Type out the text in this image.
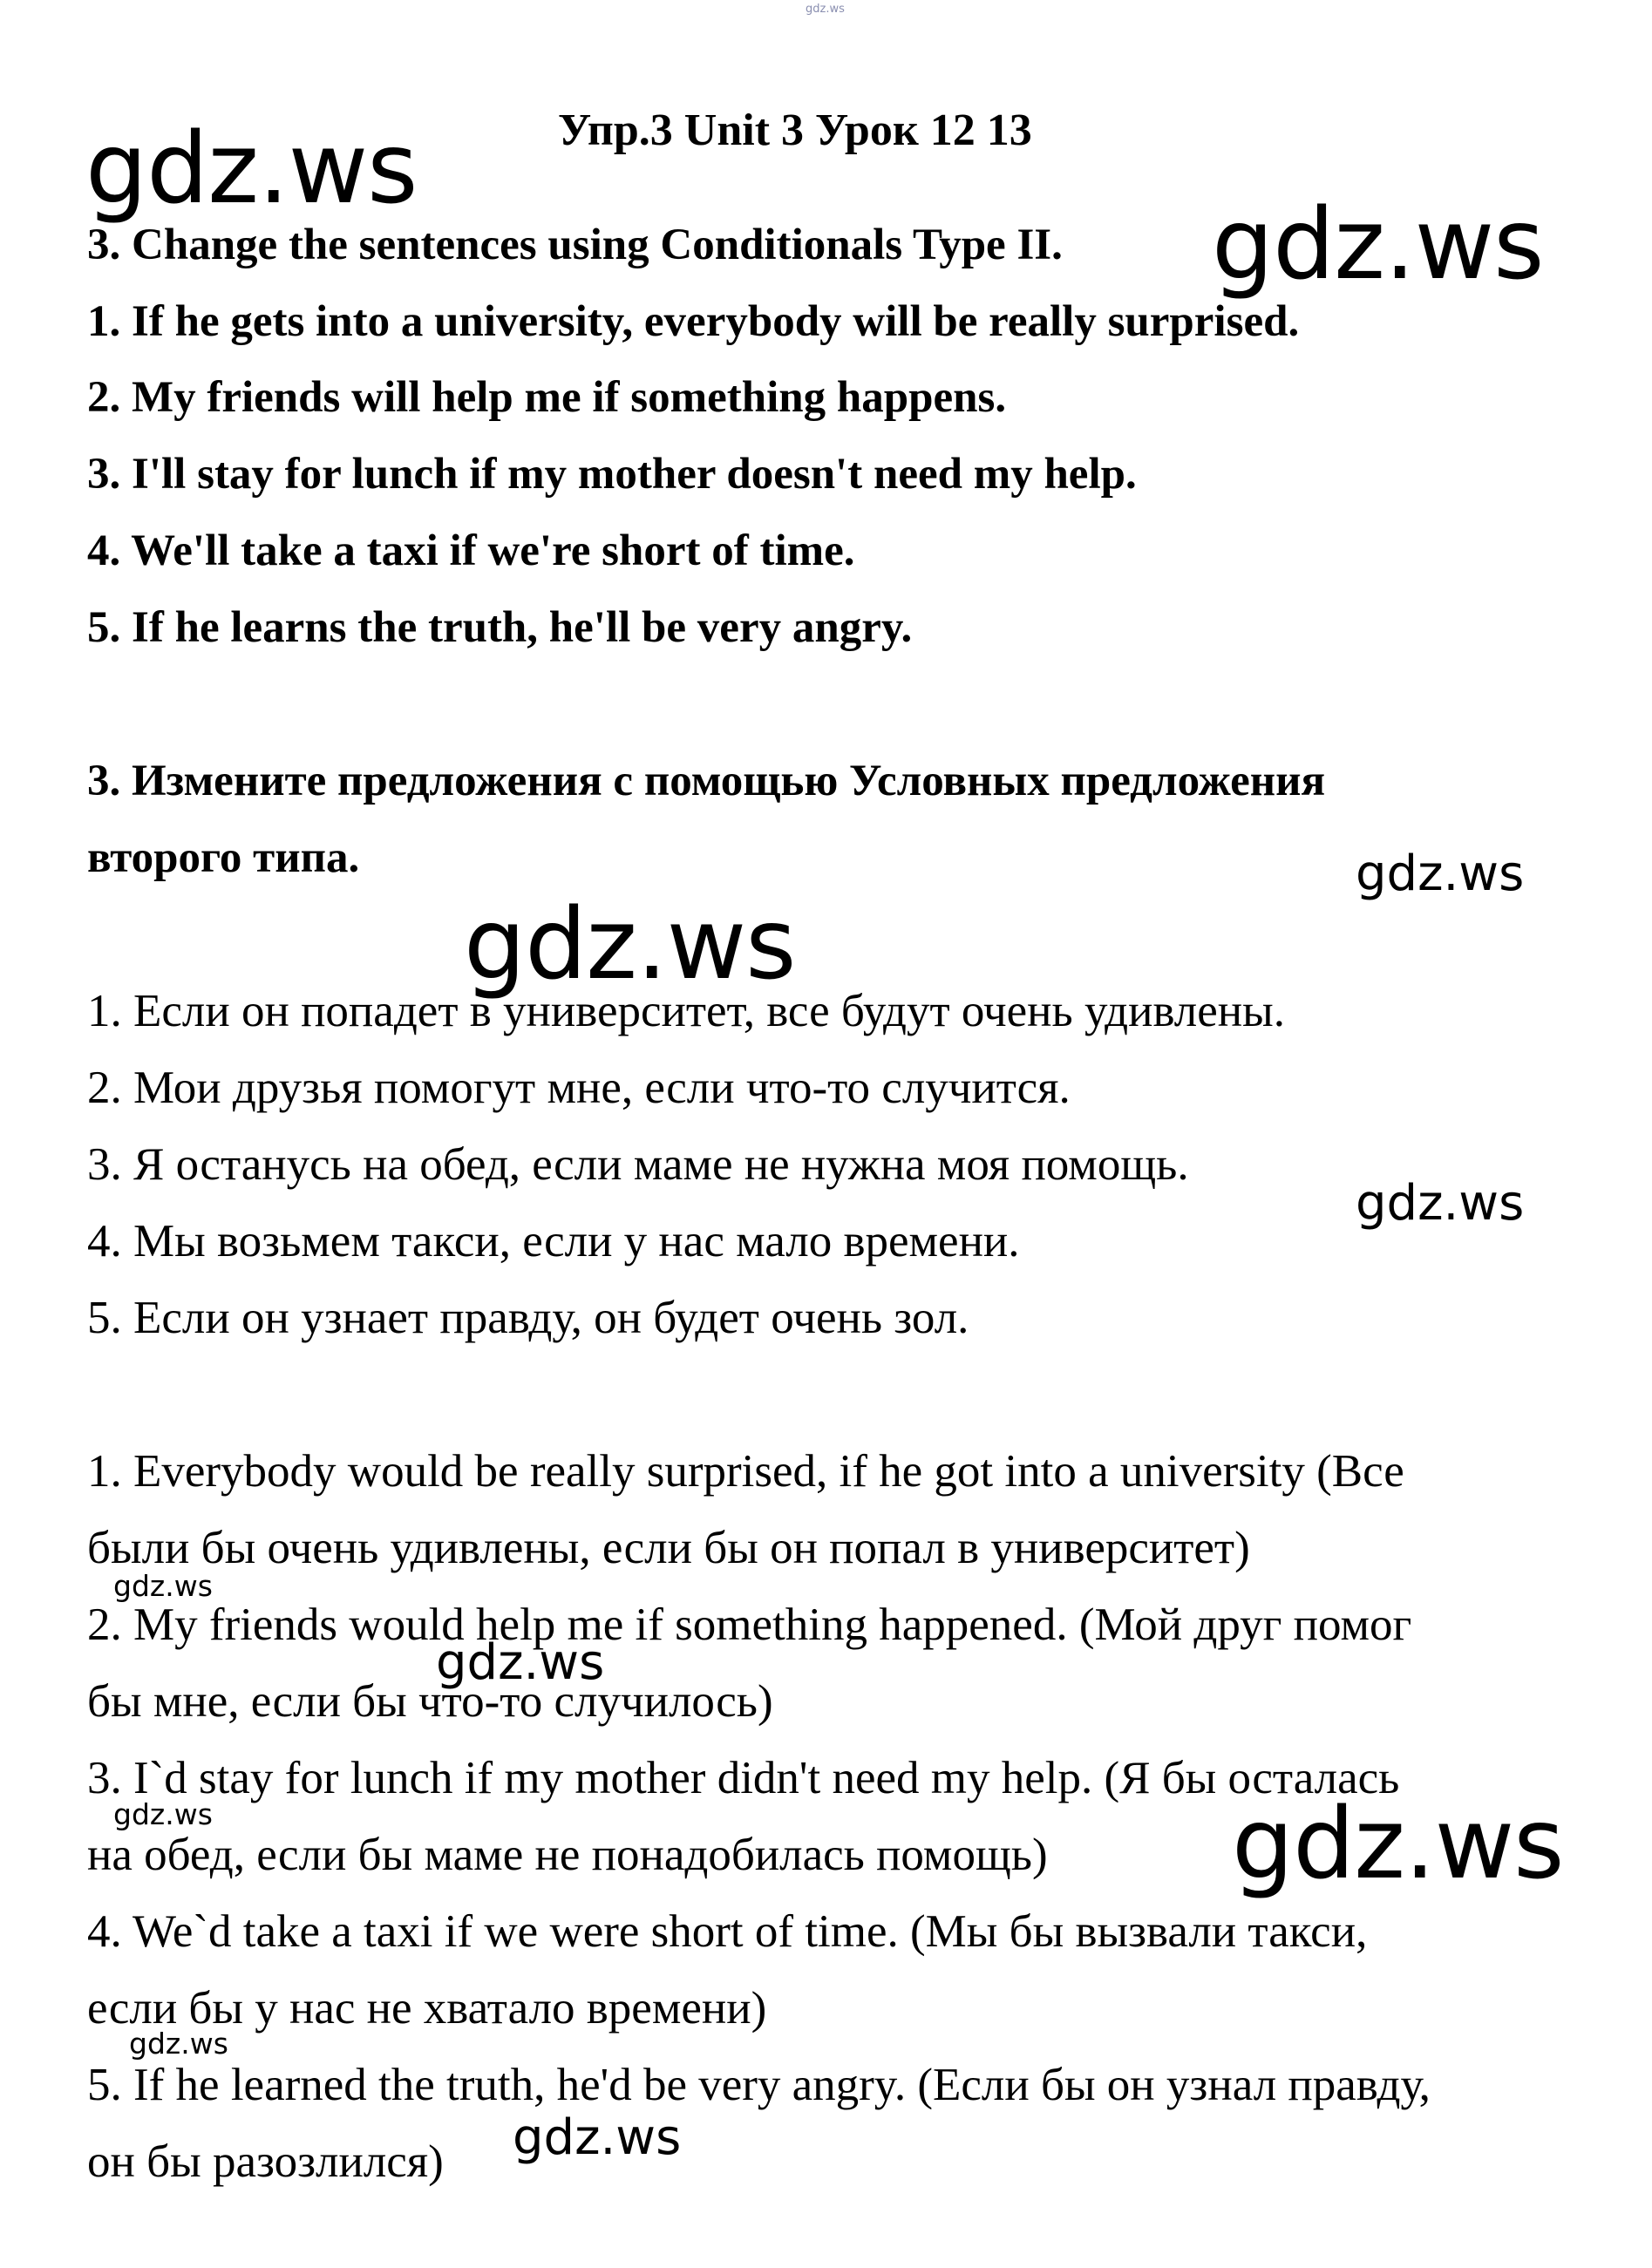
Упр.3 Unit 3 Урок 12 13
3. Change the sentences using Conditionals Type II.
1. If he gets into a university, everybody will be really surprised.
2. My friends will help me if something happens.
3. I'll stay for lunch if my mother doesn't need my help.
4. We'll take a taxi if we're short of time.
5. If he learns the truth, he'll be very angry.
3. Измените предложения с помощью Условных предложения
второго типа.
1. Если он попадет в университет, все будут очень удивлены.
2. Мои друзья помогут мне, если что-то случится.
3. Я останусь на обед, если маме не нужна моя помощь.
4. Мы возьмем такси, если у нас мало времени.
5. Если он узнает правду, он будет очень зол.
1. Everybody would be really surprised, if he got into a university (Все
были бы очень удивлены, если бы он попал в университет)
2. My friends would help me if something happened. (Мой друг помог
бы мне, если бы что-то случилось)
3. I`d stay for lunch if my mother didn't need my help. (Я бы осталась
на обед, если бы маме не понадобилась помощь)
4. We`d take a taxi if we were short of time. (Мы бы вызвали такси,
если бы у нас не хватало времени)
5. If he learned the truth, he'd be very angry. (Если бы он узнал правду,
он бы разозлился)
gdz.ws
gdz.ws
gdz.ws
gdz.ws
gdz.ws
gdz.ws
gdz.ws
gdz.ws
gdz.ws	gdz.ws
gdz.ws
gdz.ws
